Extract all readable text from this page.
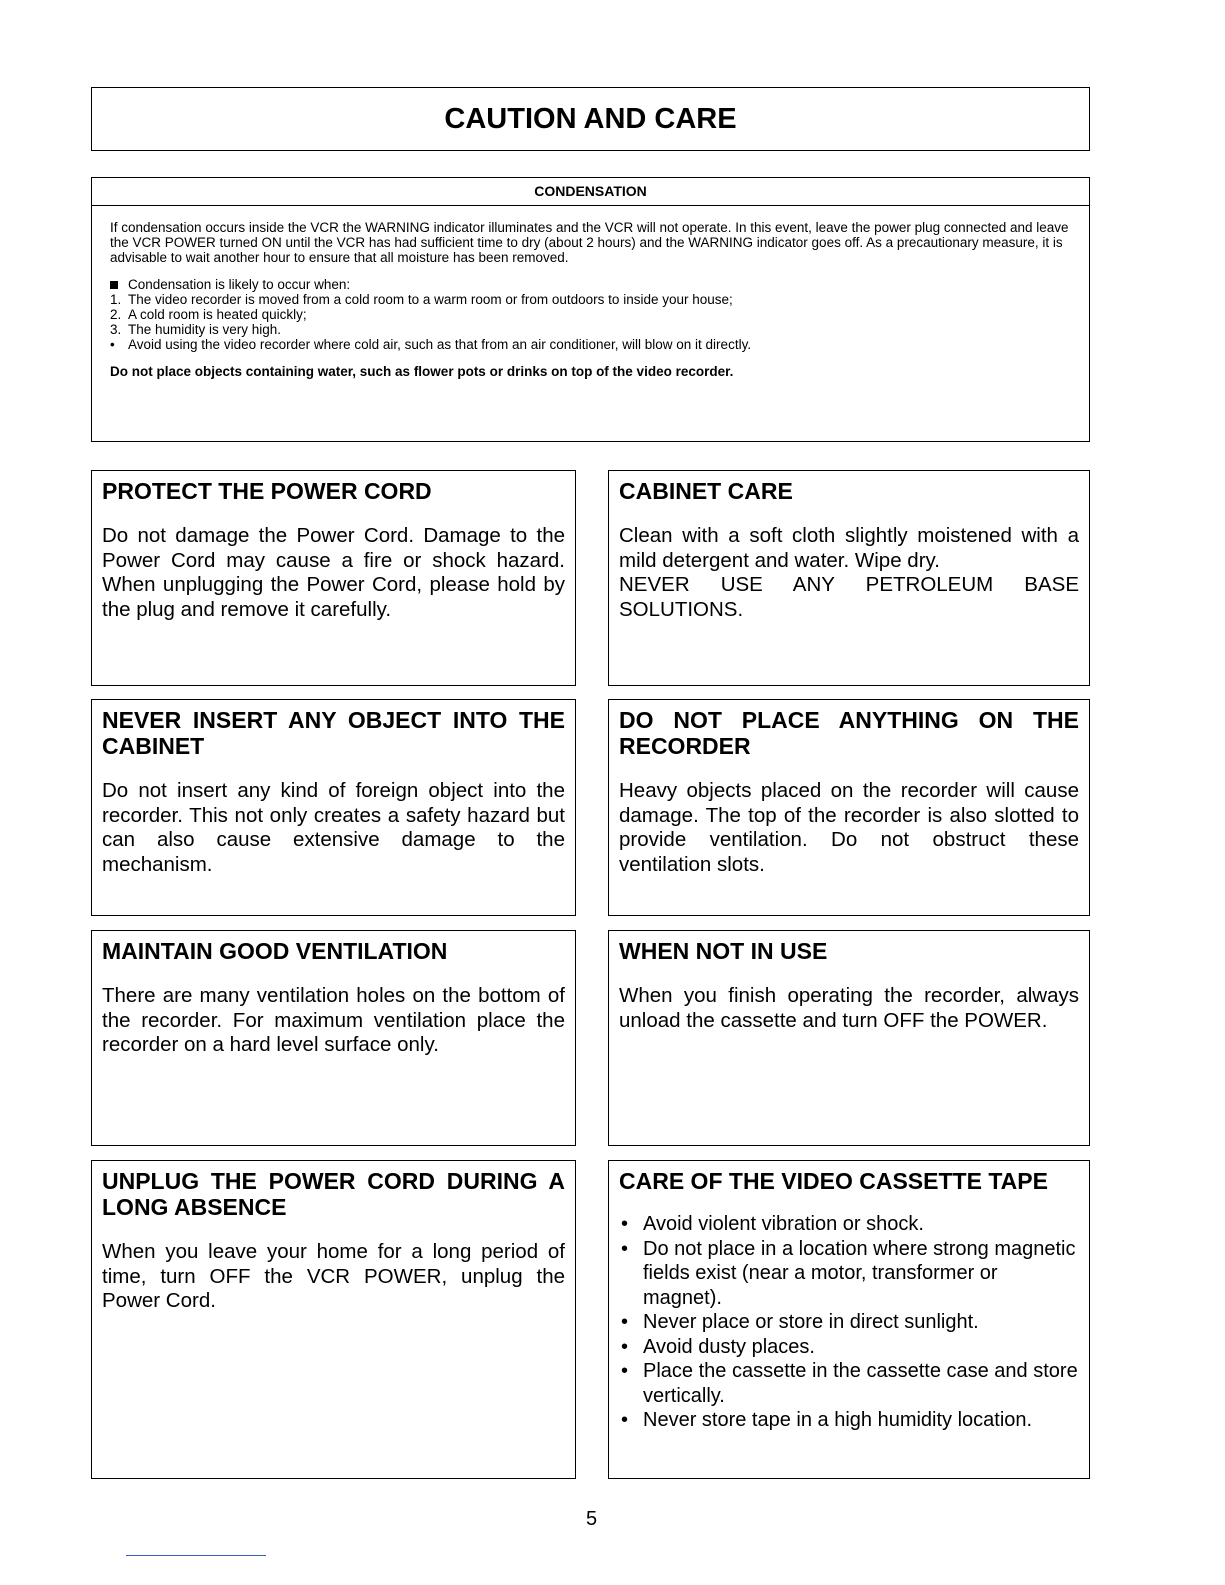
CAUTION AND CARE
CONDENSATION

If condensation occurs inside the VCR the WARNING indicator illuminates and the VCR will not operate. In this event, leave the power plug connected and leave the VCR POWER turned ON until the VCR has had sufficient time to dry (about 2 hours) and the WARNING indicator goes off. As a precautionary measure, it is advisable to wait another hour to ensure that all moisture has been removed.

Condensation is likely to occur when:
1. The video recorder is moved from a cold room to a warm room or from outdoors to inside your house;
2. A cold room is heated quickly;
3. The humidity is very high.
• Avoid using the video recorder where cold air, such as that from an air conditioner, will blow on it directly.

Do not place objects containing water, such as flower pots or drinks on top of the video recorder.

PROTECT THE POWER CORD

Do not damage the Power Cord. Damage to the Power Cord may cause a fire or shock hazard. When unplugging the Power Cord, please hold by the plug and remove it carefully.

CABINET CARE

Clean with a soft cloth slightly moistened with a mild detergent and water. Wipe dry.

NEVER USE ANY PETROLEUM BASE SOLUTIONS.

NEVER INSERT ANY OBJECT INTO THE CABINET

Do not insert any kind of foreign object into the recorder. This not only creates a safety hazard but can also cause extensive damage to the mechanism.

DO NOT PLACE ANYTHING ON THE RECORDER

Heavy objects placed on the recorder will cause damage. The top of the recorder is also slotted to provide ventilation. Do not obstruct these ventilation slots.

MAINTAIN GOOD VENTILATION

There are many ventilation holes on the bottom of the recorder. For maximum ventilation place the recorder on a hard level surface only.

WHEN NOT IN USE

When you finish operating the recorder, always unload the cassette and turn OFF the POWER.

UNPLUG THE POWER CORD DURING A LONG ABSENCE

When you leave your home for a long period of time, turn OFF the VCR POWER, unplug the Power Cord.

CARE OF THE VIDEO CASSETTE TAPE
• Avoid violent vibration or shock.
• Do not place in a location where strong magnetic fields exist (near a motor, transformer or magnet).
• Never place or store in direct sunlight.
• Avoid dusty places.
• Place the cassette in the cassette case and store vertically.
• Never store tape in a high humidity location.
5
